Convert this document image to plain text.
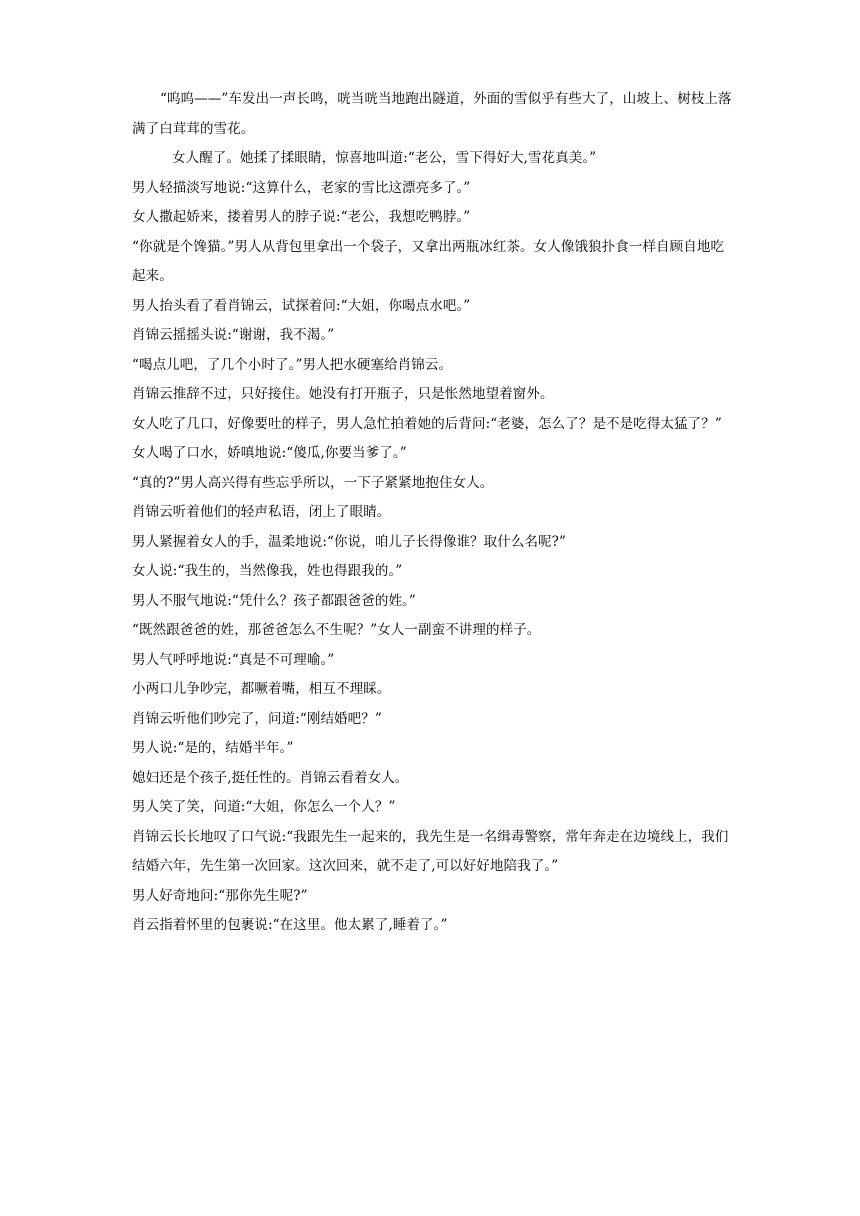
“呜呜——”车发出一声长鸣，咣当咣当地跑出隧道，外面的雪似乎有些大了，山坡上、树枝上落满了白茸茸的雪花。

女人醒了。她揉了揉眼睛，惊喜地叫道:“老公，雪下得好大,雪花真美。”

男人轻描淡写地说:“这算什么，老家的雪比这漂亮多了。”

女人撒起娇来，搂着男人的脖子说:“老公，我想吃鸭脖。”

“你就是个馋猫。”男人从背包里拿出一个袋子，又拿出两瓶冰红茶。女人像饿狼扑食一样自顾自地吃起来。

男人抬头看了看肖锦云，试探着问:“大姐，你喝点水吧。”

肖锦云摇摇头说:“谢谢，我不渴。”

“喝点儿吧，了几个小时了。”男人把水硬塞给肖锦云。

肖锦云推辞不过，只好接住。她没有打开瓶子，只是怅然地望着窗外。

女人吃了几口，好像要吐的样子，男人急忙拍着她的后背问:“老婆，怎么了？是不是吃得太猛了？”

女人喝了口水，娇嗔地说:“傻瓜,你要当爹了。”

“真的?”男人高兴得有些忘乎所以，一下子紧紧地抱住女人。

肖锦云听着他们的轻声私语，闭上了眼睛。

男人紧握着女人的手，温柔地说:“你说，咱儿子长得像谁？取什么名呢?”

女人说:“我生的，当然像我，姓也得跟我的。”

男人不服气地说:“凭什么？孩子都跟爸爸的姓。”

“既然跟爸爸的姓，那爸爸怎么不生呢？”女人一副蛮不讲理的样子。

男人气呼呼地说:“真是不可理喻。”

小两口儿争吵完，都噘着嘴，相互不理睬。

肖锦云听他们吵完了，问道:“刚结婚吧？”

男人说:“是的，结婚半年。”

媳妇还是个孩子,挺任性的。肖锦云看着女人。

男人笑了笑，问道:“大姐，你怎么一个人？”

肖锦云长长地叹了口气说:“我跟先生一起来的，我先生是一名缉毒警察，常年奔走在边境线上，我们结婚六年，先生第一次回家。这次回来，就不走了,可以好好地陪我了。”

男人好奇地问:“那你先生呢?”

肖云指着怀里的包裹说:“在这里。他太累了,睡着了。”
